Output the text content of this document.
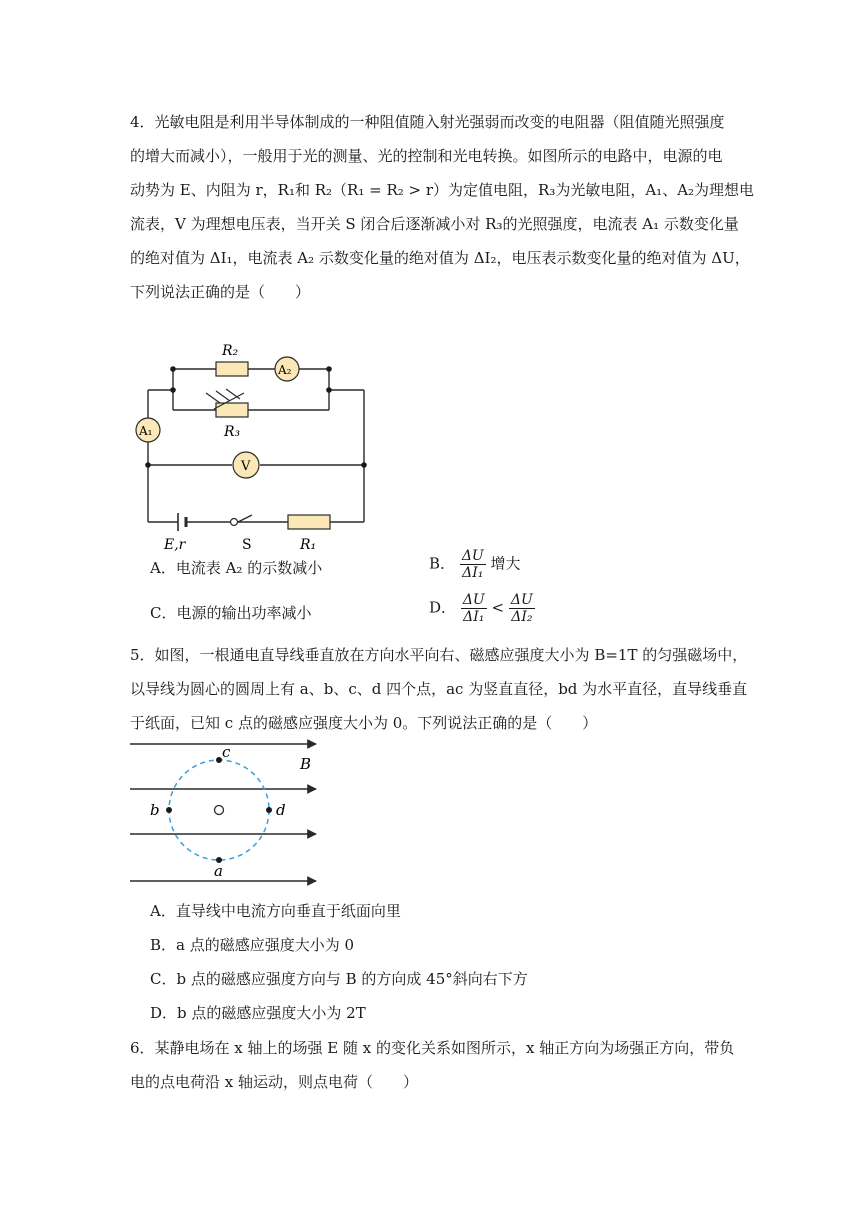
4．光敏电阻是利用半导体制成的一种阻值随入射光强弱而改变的电阻器（阻值随光照强度
的增大而减小），一般用于光的测量、光的控制和光电转换。如图所示的电路中，电源的电
动势为 E、内阻为 r，R₁和 R₂（R₁ = R₂ > r）为定值电阻，R₃为光敏电阻，A₁、A₂为理想电
流表，V 为理想电压表，当开关 S 闭合后逐渐减小对 R₃的光照强度，电流表 A₁ 示数变化量
的绝对值为 ΔI₁，电流表 A₂ 示数变化量的绝对值为 ΔI₂，电压表示数变化量的绝对值为 ΔU，
下列说法正确的是（　　）
R₂
A₂
R₃
A₁
V
E,r	S	R₁
A．电流表 A₂ 的示数减小	B． $\frac{\Delta U}{\text{ΔI₁}}$ 增大
C．电源的输出功率减小	D． $\frac{\Delta U}{\text{ΔI₁}} < \frac{\Delta U}{\text{ΔI₂}}$
5．如图，一根通电直导线垂直放在方向水平向右、磁感应强度大小为 B=1T 的匀强磁场中，
以导线为圆心的圆周上有 a、b、c、d 四个点，ac 为竖直直径，bd 为水平直径，直导线垂直
于纸面，已知 c 点的磁感应强度大小为 0。下列说法正确的是（　　）
c
b	d
a
B
A．直导线中电流方向垂直于纸面向里
B．a 点的磁感应强度大小为 0
C．b 点的磁感应强度方向与 B 的方向成 45°斜向右下方
D．b 点的磁感应强度大小为 2T
6．某静电场在 x 轴上的场强 E 随 x 的变化关系如图所示，x 轴正方向为场强正方向，带负
电的点电荷沿 x 轴运动，则点电荷（　　）
